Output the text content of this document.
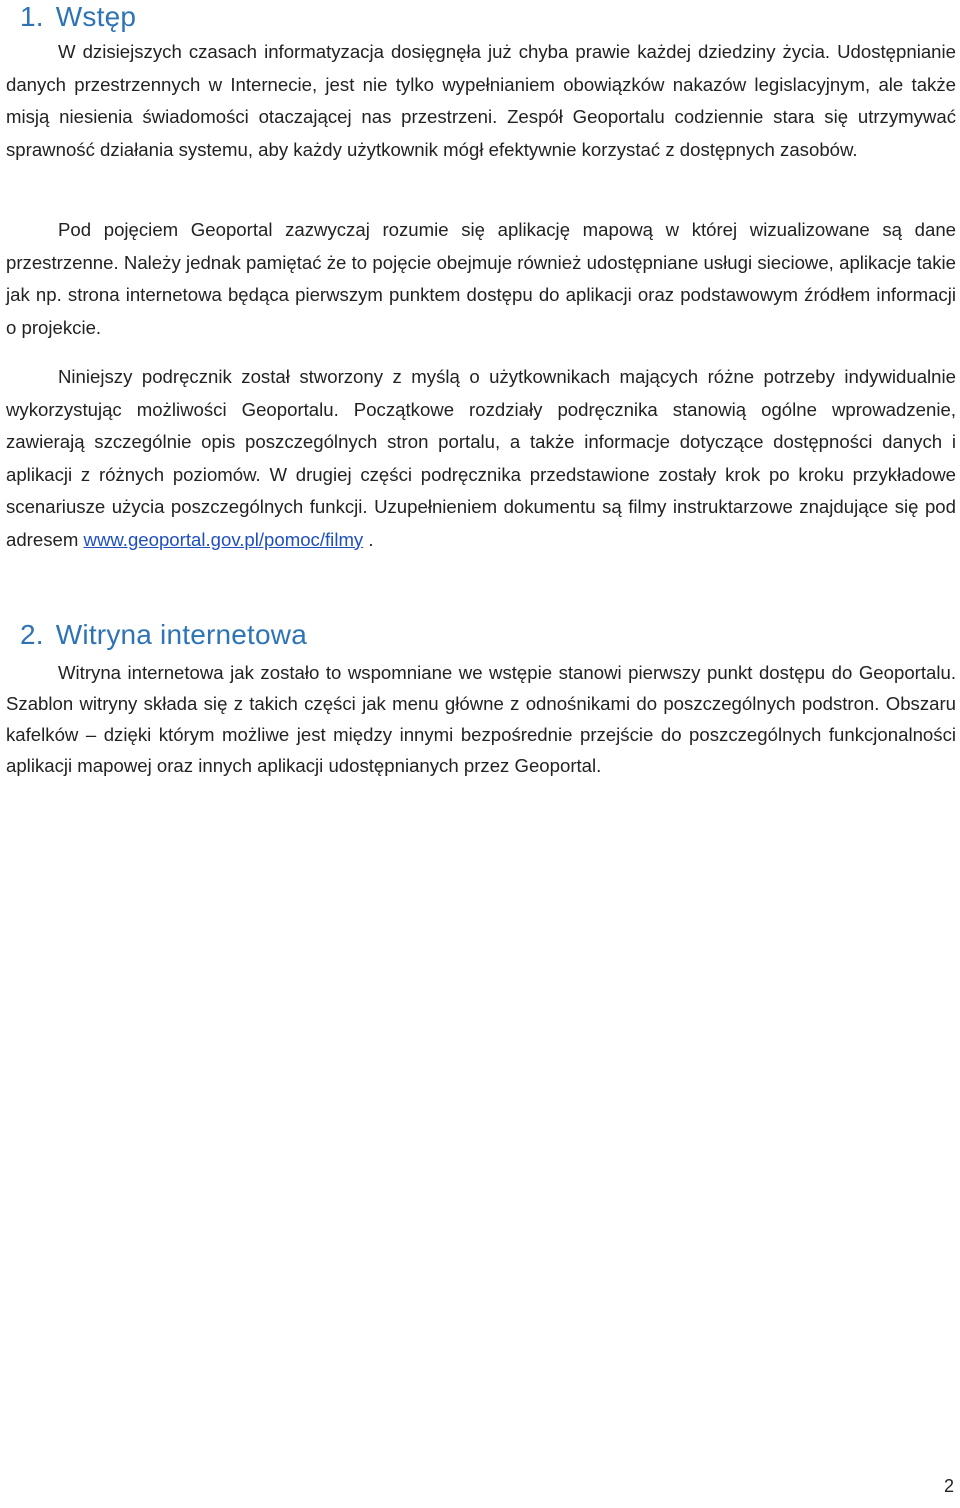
1. Wstęp

W dzisiejszych czasach informatyzacja dosięgnęła już chyba prawie każdej dziedziny życia. Udostępnianie danych przestrzennych w Internecie, jest nie tylko wypełnianiem obowiązków nakazów legislacyjnym, ale także misją niesienia świadomości otaczającej nas przestrzeni. Zespół Geoportalu codziennie stara się utrzymywać sprawność działania systemu, aby każdy użytkownik mógł efektywnie korzystać z dostępnych zasobów.

Pod pojęciem Geoportal zazwyczaj rozumie się aplikację mapową w której wizualizowane są dane przestrzenne. Należy jednak pamiętać że to pojęcie obejmuje również udostępniane usługi sieciowe, aplikacje takie jak np. strona internetowa będąca pierwszym punktem dostępu do aplikacji oraz podstawowym źródłem informacji o projekcie.

Niniejszy podręcznik został stworzony z myślą o użytkownikach mających różne potrzeby indywidualnie wykorzystując możliwości Geoportalu. Początkowe rozdziały podręcznika stanowią ogólne wprowadzenie, zawierają szczególnie opis poszczególnych stron portalu, a także informacje dotyczące dostępności danych i aplikacji z różnych poziomów. W drugiej części podręcznika przedstawione zostały krok po kroku przykładowe scenariusze użycia poszczególnych funkcji. Uzupełnieniem dokumentu są filmy instruktarzowe znajdujące się pod adresem www.geoportal.gov.pl/pomoc/filmy .

2. Witryna internetowa

Witryna internetowa jak zostało to wspomniane we wstępie stanowi pierwszy punkt dostępu do Geoportalu. Szablon witryny składa się z takich części jak menu główne z odnośnikami do poszczególnych podstron. Obszaru kafelków – dzięki którym możliwe jest między innymi bezpośrednie przejście do poszczególnych funkcjonalności aplikacji mapowej oraz innych aplikacji udostępnianych przez Geoportal.

2
